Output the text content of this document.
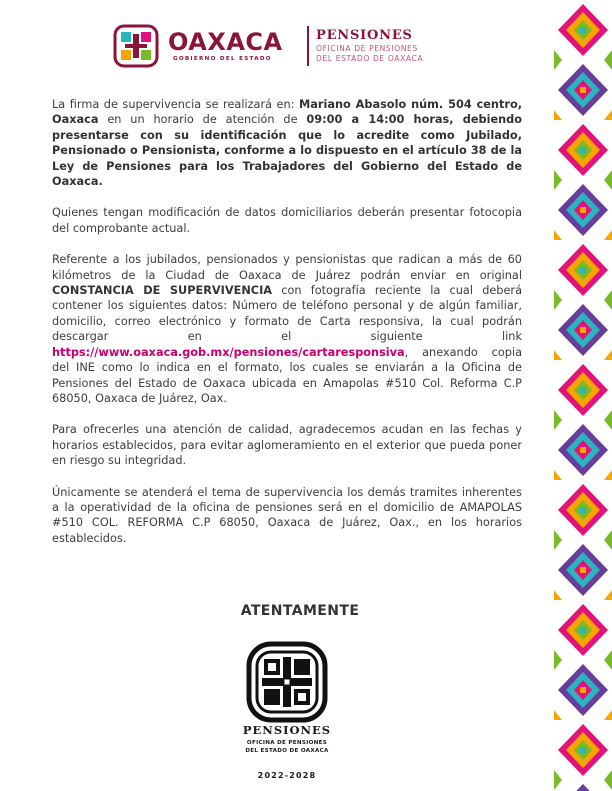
OAXACA
GOBIERNO DEL ESTADO
PENSIONES
OFICINA DE PENSIONES
DEL ESTADO DE OAXACA

La firma de supervivencia se realizará en: Mariano Abasolo núm. 504 centro, Oaxaca en un horario de atención de 09:00 a 14:00 horas, debiendo presentarse con su identificación que lo acredite como Jubilado, Pensionado o Pensionista, conforme a lo dispuesto en el artículo 38 de la Ley de Pensiones para los Trabajadores del Gobierno del Estado de Oaxaca.

Quienes tengan modificación de datos domiciliarios deberán presentar fotocopia del comprobante actual.

Referente a los jubilados, pensionados y pensionistas que radican a más de 60 kilómetros de la Ciudad de Oaxaca de Juárez podrán enviar en original CONSTANCIA DE SUPERVIVENCIA con fotografía reciente la cual deberá contener los siguientes datos: Número de teléfono personal y de algún familiar, domicilio, correo electrónico y formato de Carta responsiva, la cual podrán descargar en el siguiente link https://www.oaxaca.gob.mx/pensiones/cartaresponsiva, anexando copia del INE como lo indica en el formato, los cuales se enviarán a la Oficina de Pensiones del Estado de Oaxaca ubicada en Amapolas #510 Col. Reforma C.P 68050, Oaxaca de Juárez, Oax.

Para ofrecerles una atención de calidad, agradecemos acudan en las fechas y horarios establecidos, para evitar aglomeramiento en el exterior que pueda poner en riesgo su integridad.

Únicamente se atenderá el tema de supervivencia los demás tramites inherentes a la operatividad de la oficina de pensiones será en el domicilio de AMAPOLAS #510 COL. REFORMA C.P 68050, Oaxaca de Juárez, Oax., en los horarios establecidos.

ATENTAMENTE
PENSIONES
OFICINA DE PENSIONES
DEL ESTADO DE OAXACA
2022-2028
